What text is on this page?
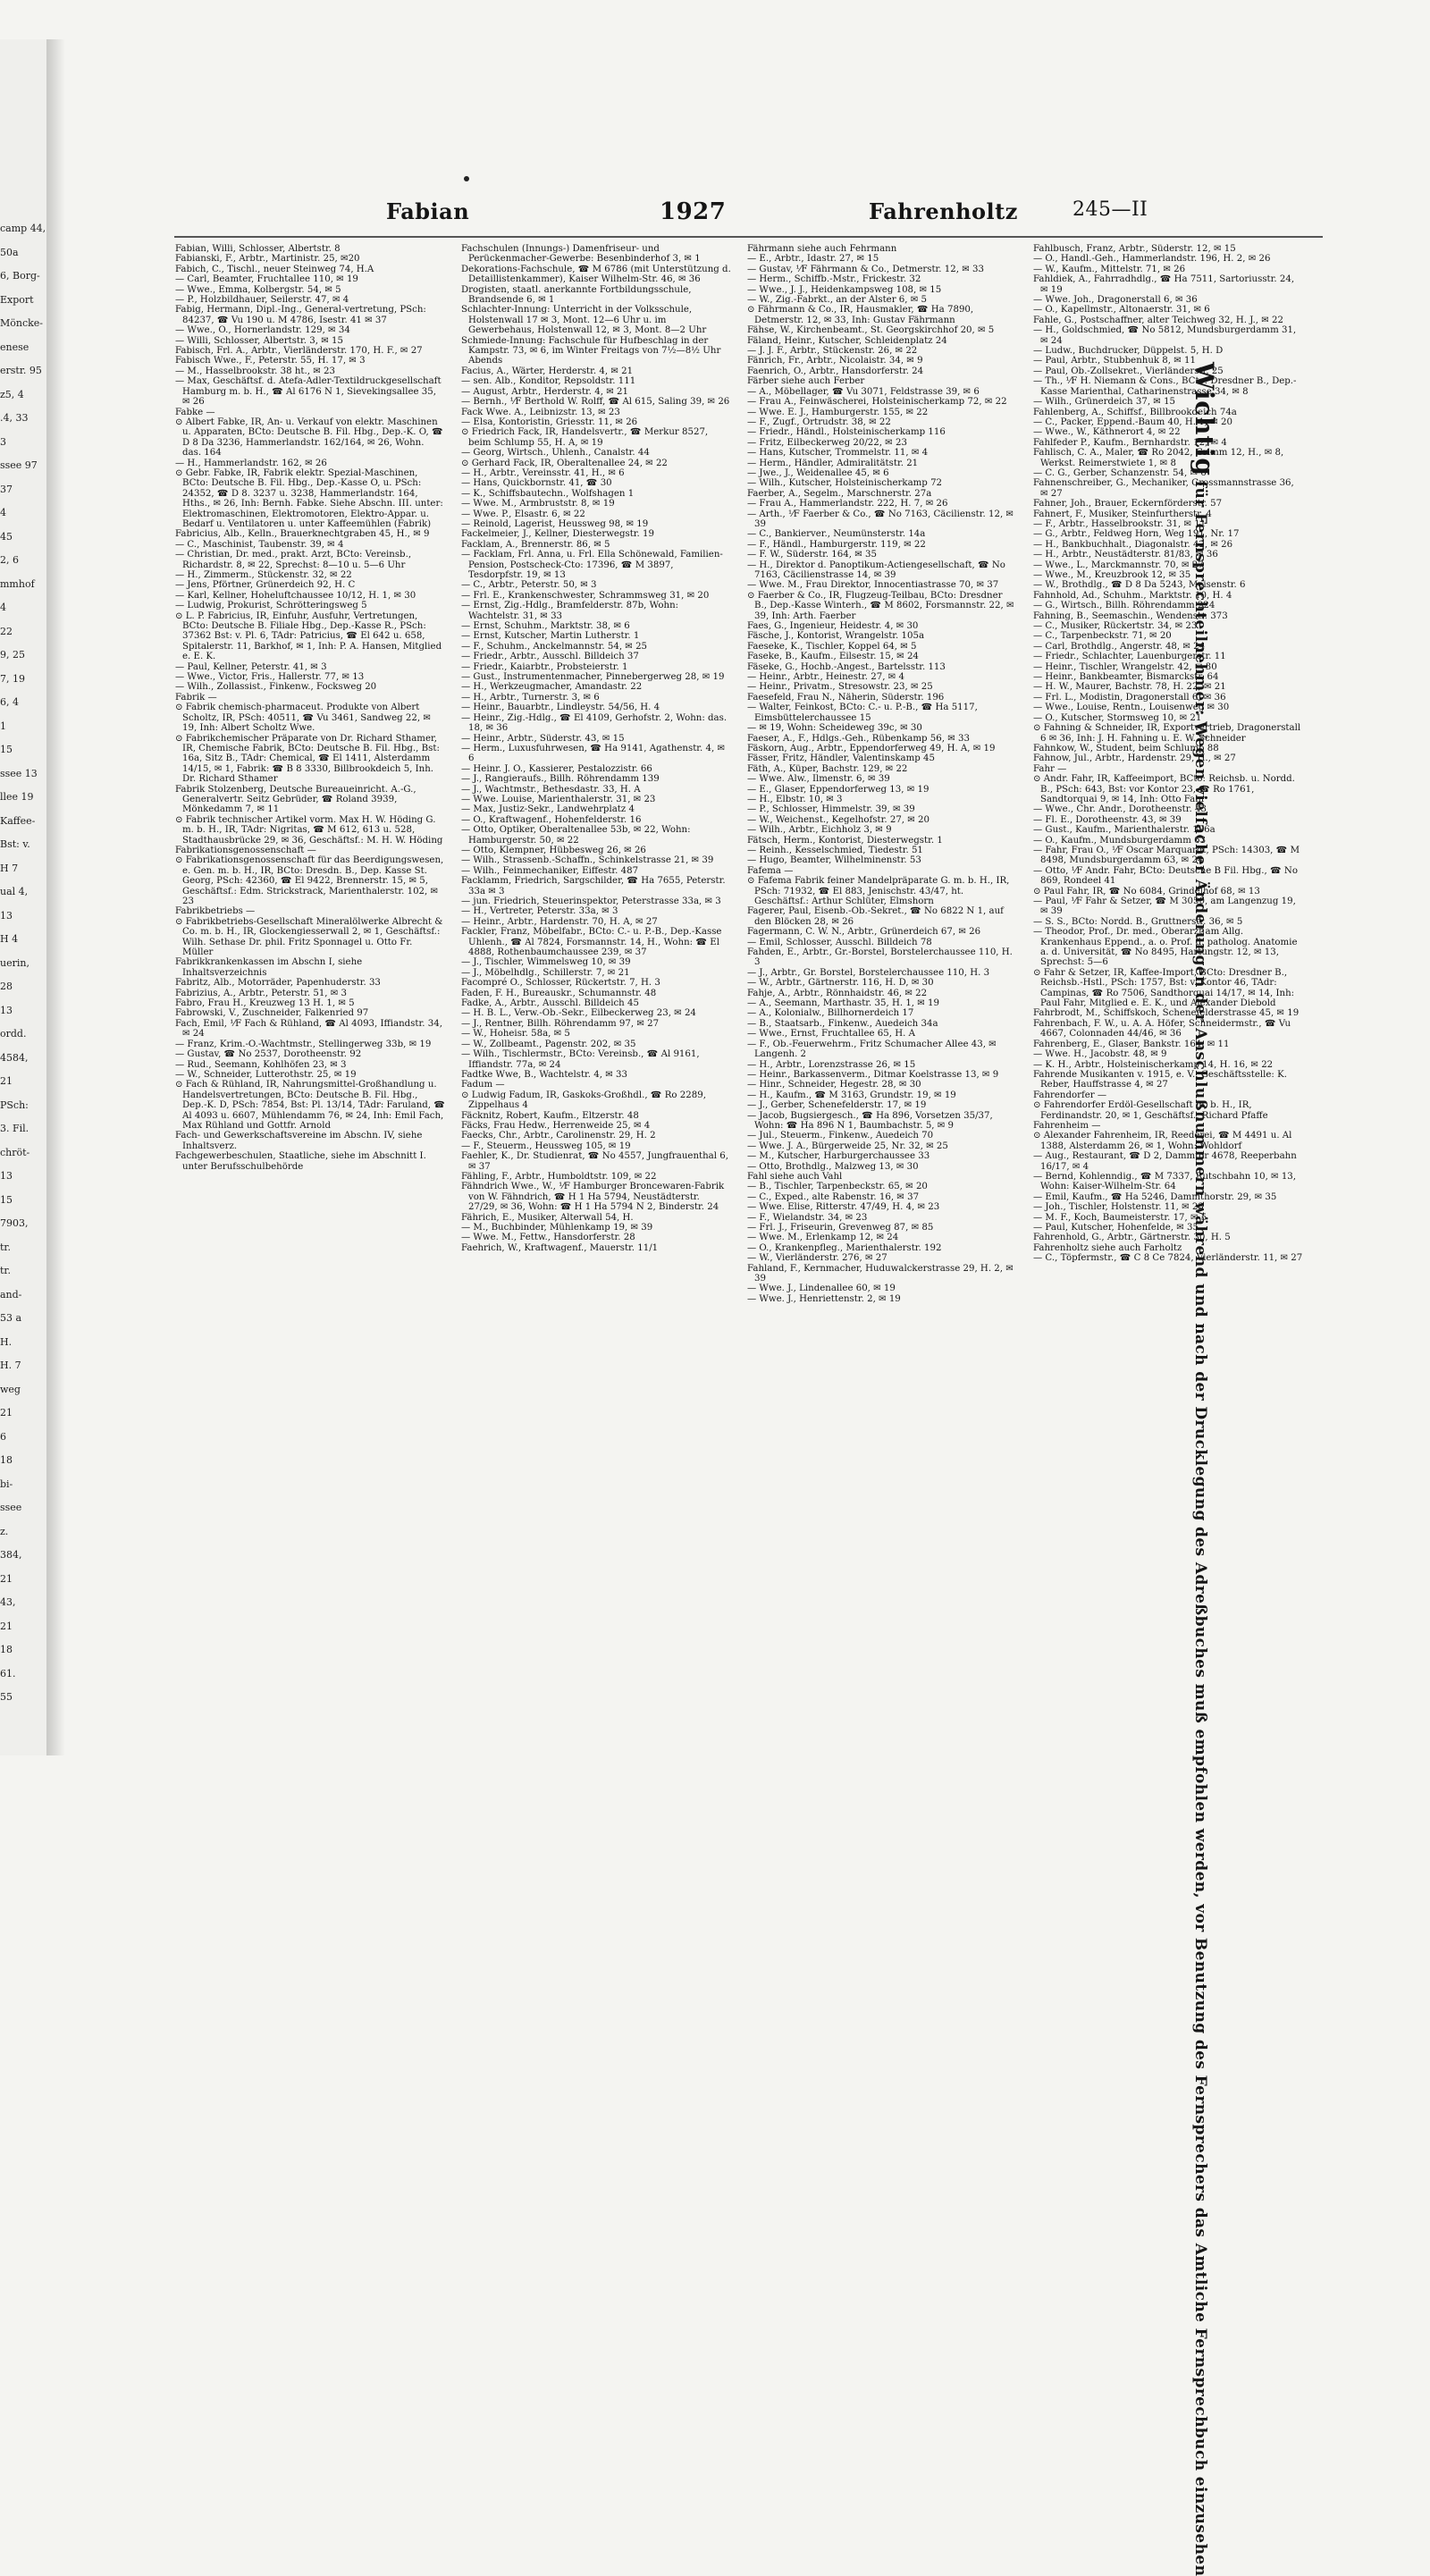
camp 44,
50a
6, Borg-
Export
Möncke-
enese
erstr. 95
z5, 4
.4, 33
3
ssee 97
37
4
45
2, 6
mmhof
4
22
9, 25
7, 19
6, 4
1
15
ssee 13
llee 19
Kaffee-
Bst: v.
H 7
ual 4,
13
H 4
uerin,
28
13
ordd.
4584,
21
PSch:
3. Fil.
chröt-
13
15
7903,
tr.
tr.
and-
53 a
H.
H. 7
weg
21
6
18
bi-
ssee
z.
384,
21
43,
21
18
61.
55
Fabian	1927	Fahrenholtz	245—II

Fabian, Willi, Schlosser, Albertstr. 8

Fabianski, F., Arbtr., Martinistr. 25, ✉20

Fabich, C., Tischl., neuer Steinweg 74, H.A

— Carl, Beamter, Fruchtallee 110, ✉ 19

— Wwe., Emma, Kolbergstr. 54, ✉ 5

— P., Holzbildhauer, Seilerstr. 47, ✉ 4

Fabig, Hermann, Dipl.-Ing., General-vertretung, PSch: 84237, ☎ Vu 190 u. M 4786, Isestr. 41 ✉ 37

— Wwe., O., Hornerlandstr. 129, ✉ 34

— Willi, Schlosser, Albertstr. 3, ✉ 15

Fabisch, Frl. A., Arbtr., Vierländerstr. 170, H. F., ✉ 27

Fabisch Wwe., F., Peterstr. 55, H. 17, ✉ 3

— M., Hasselbrookstr. 38 ht., ✉ 23

— Max, Geschäftsf. d. Atefa-Adler-Textildruckgesellschaft Hamburg m. b. H., ☎ Al 6176 N 1, Sievekingsallee 35, ✉ 26

Fabke —

⊙ Albert Fabke, IR, An- u. Verkauf von elektr. Maschinen u. Apparaten, BCto: Deutsche B. Fil. Hbg., Dep.-K. O, ☎ D 8 Da 3236, Hammerlandstr. 162/164, ✉ 26, Wohn. das. 164

— H., Hammerlandstr. 162, ✉ 26

⊙ Gebr. Fabke, IR, Fabrik elektr. Spezial-Maschinen, BCto: Deutsche B. Fil. Hbg., Dep.-Kasse O, u. PSch: 24352, ☎ D 8. 3237 u. 3238, Hammerlandstr. 164, Hths., ✉ 26, Inh: Bernh. Fabke. Siehe Abschn. III. unter: Elektromaschinen, Elektromotoren, Elektro-Appar. u. Bedarf u. Ventilatoren u. unter Kaffeemühlen (Fabrik)

Fabricius, Alb., Kelln., Brauerknechtgraben 45, H., ✉ 9

— C., Maschinist, Taubenstr. 39, ✉ 4

— Christian, Dr. med., prakt. Arzt, BCto: Vereinsb., Richardstr. 8, ✉ 22, Sprechst: 8—10 u. 5—6 Uhr

— H., Zimmerm., Stückenstr. 32, ✉ 22

— Jens, Pförtner, Grünerdeich 92, H. C

— Karl, Kellner, Hoheluftchaussee 10/12, H. 1, ✉ 30

— Ludwig, Prokurist, Schrötteringsweg 5

⊙ L. P. Fabricius, IR, Einfuhr, Ausfuhr, Vertretungen, BCto: Deutsche B. Filiale Hbg., Dep.-Kasse R., PSch: 37362 Bst: v. Pl. 6, TAdr: Patricius, ☎ El 642 u. 658, Spitalerstr. 11, Barkhof, ✉ 1, Inh: P. A. Hansen, Mitglied e. E. K.

— Paul, Kellner, Peterstr. 41, ✉ 3

— Wwe., Victor, Fris., Hallerstr. 77, ✉ 13

— Wilh., Zollassist., Finkenw., Focksweg 20

Fabrik —

⊙ Fabrik chemisch-pharmaceut. Produkte von Albert Scholtz, IR, PSch: 40511, ☎ Vu 3461, Sandweg 22, ✉ 19, Inh: Albert Scholtz Wwe.

⊙ Fabrikchemischer Präparate von Dr. Richard Sthamer, IR, Chemische Fabrik, BCto: Deutsche B. Fil. Hbg., Bst: 16a, Sitz B., TAdr: Chemical, ☎ El 1411, Alsterdamm 14/15, ✉ 1, Fabrik: ☎ B 8 3330, Billbrookdeich 5, Inh. Dr. Richard Sthamer

Fabrik Stolzenberg, Deutsche Bureaueinricht. A.-G., Generalvertr. Seitz Gebrüder, ☎ Roland 3939, Mönkedamm 7, ✉ 11

⊙ Fabrik technischer Artikel vorm. Max H. W. Höding G. m. b. H., IR, TAdr: Nigritas, ☎ M 612, 613 u. 528, Stadthausbrücke 29, ✉ 36, Geschäftsf.: M. H. W. Höding

Fabrikationsgenossenschaft —

⊙ Fabrikationsgenossenschaft für das Beerdigungswesen, e. Gen. m. b. H., IR, BCto: Dresdn. B., Dep. Kasse St. Georg, PSch: 42360, ☎ El 9422, Brennerstr. 15, ✉ 5, Geschäftsf.: Edm. Strickstrack, Marienthalerstr. 102, ✉ 23

Fabrikbetriebs —

⊙ Fabrikbetriebs-Gesellschaft Mineralölwerke Albrecht & Co. m. b. H., IR, Glockengiesserwall 2, ✉ 1, Geschäftsf.: Wilh. Sethase Dr. phil. Fritz Sponnagel u. Otto Fr. Müller

Fabrikkrankenkassen im Abschn I, siehe Inhaltsverzeichnis

Fabritz, Alb., Motorräder, Papenhuderstr. 33

Fabrizius, A., Arbtr., Peterstr. 51, ✉ 3

Fabro, Frau H., Kreuzweg 13 H. 1, ✉ 5

Fabrowski, V., Zuschneider, Falkenried 97

Fach, Emil, ⅟F Fach & Rühland, ☎ Al 4093, Iffiandstr. 34, ✉ 24

— Franz, Krim.-O.-Wachtmstr., Stellingerweg 33b, ✉ 19

— Gustav, ☎ No 2537, Dorotheenstr. 92

— Rud., Seemann, Kohlhöfen 23, ✉ 3

— W., Schneider, Lutterothstr. 25, ✉ 19

⊙ Fach & Rühland, IR, Nahrungsmittel-Großhandlung u. Handelsvertretungen, BCto: Deutsche B. Fil. Hbg., Dep.-K. D, PSch: 7854, Bst: Pl. 13/14, TAdr: Faruland, ☎ Al 4093 u. 6607, Mühlendamm 76, ✉ 24, Inh: Emil Fach, Max Rühland und Gottfr. Arnold

Fach- und Gewerkschaftsvereine im Abschn. IV, siehe Inhaltsverz.

Fachgewerbeschulen, Staatliche, siehe im Abschnitt I. unter Berufsschulbehörde

Fachschulen (Innungs-) Damenfriseur- und Perückenmacher-Gewerbe: Besenbinderhof 3, ✉ 1

Dekorations-Fachschule, ☎ M 6786 (mit Unterstützung d. Detaillistenkammer), Kaiser Wilhelm-Str. 46, ✉ 36

Drogisten, staatl. anerkannte Fortbildungsschule, Brandsende 6, ✉ 1

Schlachter-Innung: Unterricht in der Volksschule, Holstenwall 17 ✉ 3, Mont. 12—6 Uhr u. im Gewerbehaus, Holstenwall 12, ✉ 3, Mont. 8—2 Uhr

Schmiede-Innung: Fachschule für Hufbeschlag in der Kampstr. 73, ✉ 6, im Winter Freitags von 7½—8½ Uhr Abends

Facius, A., Wärter, Herderstr. 4, ✉ 21

— sen. Alb., Konditor, Repsoldstr. 111

— August, Arbtr., Herderstr. 4, ✉ 21

— Bernh., ⅟F Berthold W. Rolff, ☎ Al 615, Saling 39, ✉ 26

Fack Wwe. A., Leibnizstr. 13, ✉ 23

— Elsa, Kontoristin, Griesstr. 11, ✉ 26

⊙ Friedrich Fack, IR, Handelsvertr., ☎ Merkur 8527, beim Schlump 55, H. A, ✉ 19

— Georg, Wirtsch., Uhlenh., Canalstr. 44

⊙ Gerhard Fack, IR, Oberaltenallee 24, ✉ 22

— H., Arbtr., Vereinsstr. 41, H., ✉ 6

— Hans, Quickbornstr. 41, ☎ 30

— K., Schiffsbautechn., Wolfshagen 1

— Wwe. M., Armbruststr. 8, ✉ 19

— Wwe. P., Elsastr. 6, ✉ 22

— Reinold, Lagerist, Heussweg 98, ✉ 19

Fackelmeier, J., Kellner, Diesterwegstr. 19

Facklam, A., Brennerstr. 86, ✉ 5

— Facklam, Frl. Anna, u. Frl. Ella Schönewald, Familien-Pension, Postscheck-Cto: 17396, ☎ M 3897, Tesdorpfstr. 19, ✉ 13

— C., Arbtr., Peterstr. 50, ✉ 3

— Frl. E., Krankenschwester, Schrammsweg 31, ✉ 20

— Ernst, Zig.-Hdlg., Bramfelderstr. 87b, Wohn: Wachtelstr. 31, ✉ 33

— Ernst, Schuhm., Marktstr. 38, ✉ 6

— Ernst, Kutscher, Martin Lutherstr. 1

— F., Schuhm., Anckelmannstr. 54, ✉ 25

— Friedr., Arbtr., Ausschl. Billdeich 37

— Friedr., Kaiarbtr., Probsteierstr. 1

— Gust., Instrumentenmacher, Pinnebergerweg 28, ✉ 19

— H., Werkzeugmacher, Amandastr. 22

— H., Arbtr., Turnerstr. 3, ✉ 6

— Heinr., Bauarbtr., Lindleystr. 54/56, H. 4

— Heinr., Zig.-Hdlg., ☎ El 4109, Gerhofstr. 2, Wohn: das. 18, ✉ 36

— Heinr., Arbtr., Süderstr. 43, ✉ 15

— Herm., Luxusfuhrwesen, ☎ Ha 9141, Agathenstr. 4, ✉ 6

— Heinr. J. O., Kassierer, Pestalozzistr. 66

— J., Rangieraufs., Billh. Röhrendamm 139

— J., Wachtmstr., Bethesdastr. 33, H. A

— Wwe. Louise, Marienthalerstr. 31, ✉ 23

— Max, Justiz-Sekr., Landwehrplatz 4

— O., Kraftwagenf., Hohenfelderstr. 16

— Otto, Optiker, Oberaltenallee 53b, ✉ 22, Wohn: Hamburgerstr. 50, ✉ 22

— Otto, Klempner, Hübbesweg 26, ✉ 26

— Wilh., Strassenb.-Schaffn., Schinkelstrasse 21, ✉ 39

— Wilh., Feinmechaniker, Eiffestr. 487

Facklamm, Friedrich, Sargschilder, ☎ Ha 7655, Peterstr. 33a ✉ 3

— jun. Friedrich, Steuerinspektor, Peterstrasse 33a, ✉ 3

— H., Vertreter, Peterstr. 33a, ✉ 3

— Heinr., Arbtr., Hardenstr. 70, H. A, ✉ 27

Fackler, Franz, Möbelfabr., BCto: C.- u. P.-B., Dep.-Kasse Uhlenh., ☎ Al 7824, Forsmannstr. 14, H., Wohn: ☎ El 4888, Rothenbaumchaussee 239, ✉ 37

— J., Tischler, Wimmelsweg 10, ✉ 39

— J., Möbelhdlg., Schillerstr. 7, ✉ 21

Facompré O., Schlosser, Rückertstr. 7, H. 3

Faden, F. H., Bureauskr., Schumannstr. 48

Fadke, A., Arbtr., Ausschl. Billdeich 45

— H. B. L., Verw.-Ob.-Sekr., Eilbeckerweg 23, ✉ 24

— J., Rentner, Billh. Röhrendamm 97, ✉ 27

— W., Hoheisr. 58a, ✉ 5

— W., Zollbeamt., Pagenstr. 202, ✉ 35

— Wilh., Tischlermstr., BCto: Vereinsb., ☎ Al 9161, Iffiandstr. 77a, ✉ 24

Fadtke Wwe, B., Wachtelstr. 4, ✉ 33

Fadum —

⊙ Ludwig Fadum, IR, Gaskoks-Großhdl., ☎ Ro 2289, Zippelhaus 4

Fäcknitz, Robert, Kaufm., Eltzerstr. 48

Fäcks, Frau Hedw., Herrenweide 25, ✉ 4

Faecks, Chr., Arbtr., Carolinenstr. 29, H. 2

— F., Steuerm., Heussweg 105, ✉ 19

Faehler, K., Dr. Studienrat, ☎ No 4557, Jungfrauenthal 6, ✉ 37

Fähling, F., Arbtr., Humboldtstr. 109, ✉ 22

Fähndrich Wwe., W., ⅟F Hamburger Broncewaren-Fabrik von W. Fähndrich, ☎ H 1 Ha 5794, Neustädterstr. 27/29, ✉ 36, Wohn: ☎ H 1 Ha 5794 N 2, Binderstr. 24

Fährich, E., Musiker, Alterwall 54, H.

— M., Buchbinder, Mühlenkamp 19, ✉ 39

— Wwe. M., Fettw., Hansdorferstr. 28

Faehrich, W., Kraftwagenf., Mauerstr. 11/1

Fährmann siehe auch Fehrmann

— E., Arbtr., Idastr. 27, ✉ 15

— Gustav, ⅟F Fährmann & Co., Detmerstr. 12, ✉ 33

— Herm., Schiffb.-Mstr., Frickestr. 32

— Wwe., J. J., Heidenkampsweg 108, ✉ 15

— W., Zig.-Fabrkt., an der Alster 6, ✉ 5

⊙ Fährmann & Co., IR, Hausmakler, ☎ Ha 7890, Detmerstr. 12, ✉ 33, Inh: Gustav Fährmann

Fähse, W., Kirchenbeamt., St. Georgskirchhof 20, ✉ 5

Fäland, Heinr., Kutscher, Schleidenplatz 24

— J. J. F., Arbtr., Stückenstr. 26, ✉ 22

Fänrich, Fr., Arbtr., Nicolaistr. 34, ✉ 9

Faenrich, O., Arbtr., Hansdorferstr. 24

Färber siehe auch Ferber

— A., Möbellager, ☎ Vu 3071, Feldstrasse 39, ✉ 6

— Frau A., Feinwäscherei, Holsteinischerkamp 72, ✉ 22

— Wwe. E. J., Hamburgerstr. 155, ✉ 22

— F., Zugf., Ortrudstr. 38, ✉ 22

— Friedr., Händl., Holsteinischerkamp 116

— Fritz, Eilbeckerweg 20/22, ✉ 23

— Hans, Kutscher, Trommelstr. 11, ✉ 4

— Herm., Händler, Admiralitätstr. 21

— Jwe., J., Weidenallee 45, ✉ 6

— Wilh., Kutscher, Holsteinischerkamp 72

Faerber, A., Segelm., Marschnerstr. 27a

— Frau A., Hammerlandstr. 222, H. 7, ✉ 26

— Arth., ⅟F Faerber & Co., ☎ No 7163, Cäcilienstr. 12, ✉ 39

— C., Bankierver., Neumünsterstr. 14a

— F., Händl., Hamburgerstr. 119, ✉ 22

— F. W., Süderstr. 164, ✉ 35

— H., Direktor d. Panoptikum-Actiengesellschaft, ☎ No 7163, Cäcilienstrasse 14, ✉ 39

— Wwe. M., Frau Direktor, Innocentiastrasse 70, ✉ 37

⊙ Faerber & Co., IR, Flugzeug-Teilbau, BCto: Dresdner B., Dep.-Kasse Winterh., ☎ M 8602, Forsmannstr. 22, ✉ 39, Inh: Arth. Faerber

Faes, G., Ingenieur, Heidestr. 4, ✉ 30

Fäsche, J., Kontorist, Wrangelstr. 105a

Faeseke, K., Tischler, Koppel 64, ✉ 5

Faseke, B., Kaufm., Eilsestr. 15, ✉ 24

Fäseke, G., Hochb.-Angest., Bartelsstr. 113

— Heinr., Arbtr., Heinestr. 27, ✉ 4

— Heinr., Privatm., Stresowstr. 23, ✉ 25

Faesefeld, Frau N., Näherin, Süderstr. 196

— Walter, Feinkost, BCto: C.- u. P.-B., ☎ Ha 5117, Eimsbüttelerchaussee 15

— ✉ 19, Wohn: Scheideweg 39c, ✉ 30

Faeser, A., F., Hdlgs.-Geh., Rübenkamp 56, ✉ 33

Fäskorn, Aug., Arbtr., Eppendorferweg 49, H. A, ✉ 19

Fässer, Fritz, Händler, Valentinskamp 45

Fäth, A., Küper, Bachstr. 129, ✉ 22

— Wwe. Alw., Ilmenstr. 6, ✉ 39

— E., Glaser, Eppendorferweg 13, ✉ 19

— H., Elbstr. 10, ✉ 3

— P., Schlosser, Himmelstr. 39, ✉ 39

— W., Weichenst., Kegelhofstr. 27, ✉ 20

— Wilh., Arbtr., Eichholz 3, ✉ 9

Fätsch, Herm., Kontorist, Diesterwegstr. 1

— Reinh., Kesselschmied, Tiedestr. 51

— Hugo, Beamter, Wilhelminenstr. 53

Fafema —

⊙ Fafema Fabrik feiner Mandelpräparate G. m. b. H., IR, PSch: 71932, ☎ El 883, Jenischstr. 43/47, ht. Geschäftsf.: Arthur Schlüter, Elmshorn

Fagerer, Paul, Eisenb.-Ob.-Sekret., ☎ No 6822 N 1, auf den Blöcken 28, ✉ 26

Fagermann, C. W. N., Arbtr., Grünerdeich 67, ✉ 26

— Emil, Schlosser, Ausschl. Billdeich 78

Fahden, E., Arbtr., Gr.-Borstel, Borstelerchaussee 110, H. 3

— J., Arbtr., Gr. Borstel, Borstelerchaussee 110, H. 3

— W., Arbtr., Gärtnerstr. 116, H. D, ✉ 30

Fahje, A., Arbtr., Rönnhaidstr. 46, ✉ 22

— A., Seemann, Marthastr. 35, H. 1, ✉ 19

— A., Kolonialw., Billhornerdeich 17

— B., Staatsarb., Finkenw., Auedeich 34a

— Wwe., Ernst, Fruchtallee 65, H. A

— F., Ob.-Feuerwehrm., Fritz Schumacher Allee 43, ✉ Langenh. 2

— H., Arbtr., Lorenzstrasse 26, ✉ 15

— Heinr., Barkassenverm., Ditmar Koelstrasse 13, ✉ 9

— Hinr., Schneider, Hegestr. 28, ✉ 30

— H., Kaufm., ☎ M 3163, Grundstr. 19, ✉ 19

— J., Gerber, Schenefelderstr. 17, ✉ 19

— Jacob, Bugsiergesch., ☎ Ha 896, Vorsetzen 35/37, Wohn: ☎ Ha 896 N 1, Baumbachstr. 5, ✉ 9

— Jul., Steuerm., Finkenw., Auedeich 70

— Wwe. J. A., Bürgerweide 25, Nr. 32, ✉ 25

— M., Kutscher, Harburgerchaussee 33

— Otto, Brothdlg., Malzweg 13, ✉ 30

Fahl siehe auch Vahl

— B., Tischler, Tarpenbeckstr. 65, ✉ 20

— C., Exped., alte Rabenstr. 16, ✉ 37

— Wwe. Elise, Ritterstr. 47/49, H. 4, ✉ 23

— F., Wielandstr. 34, ✉ 23

— Frl. J., Friseurin, Grevenweg 87, ✉ 85

— Wwe. M., Erlenkamp 12, ✉ 24

— O., Krankenpfleg., Marienthalerstr. 192

— W., Vierländerstr. 276, ✉ 27

Fahland, F., Kernmacher, Huduwalckerstrasse 29, H. 2, ✉ 39

— Wwe. J., Lindenallee 60, ✉ 19

— Wwe. J., Henriettenstr. 2, ✉ 19

Fahlbusch, Franz, Arbtr., Süderstr. 12, ✉ 15

— O., Handl.-Geh., Hammerlandstr. 196, H. 2, ✉ 26

— W., Kaufm., Mittelstr. 71, ✉ 26

Fahldiek, A., Fahrradhdlg., ☎ Ha 7511, Sartoriusstr. 24, ✉ 19

— Wwe. Joh., Dragonerstall 6, ✉ 36

— O., Kapellmstr., Altonaerstr. 31, ✉ 6

Fahle, G., Postschaffner, alter Teichweg 32, H. J., ✉ 22

— H., Goldschmied, ☎ No 5812, Mundsburgerdamm 31, ✉ 24

— Ludw., Buchdrucker, Düppelst. 5, H. D

— Paul, Arbtr., Stubbenhuk 8, ✉ 11

— Paul, Ob.-Zollsekret., Vierländerstr. 25

— Th., ⅟F H. Niemann & Cons., BCto: Dresdner B., Dep.-Kasse Marienthal, Catharinenstrasse 34, ✉ 8

— Wilh., Grünerdeich 37, ✉ 15

Fahlenberg, A., Schiffsf., Billbrookdeich 74a

— C., Packer, Eppend.-Baum 40, H. 1, ✉ 20

— Wwe., W., Käthnerort 4, ✉ 22

Fahlfeder P., Kaufm., Bernhardstr. 12, ✉ 4

Fahlisch, C. A., Maler, ☎ Ro 2042, Grimm 12, H., ✉ 8, Werkst. Reimerstwiete 1, ✉ 8

— C. G., Gerber, Schanzenstr. 54, ✉ 6

Fahnenschreiber, G., Mechaniker, Grossmannstrasse 36, ✉ 27

Fahner, Joh., Brauer, Eckernförderstr. 57

Fahnert, F., Musiker, Steinfurtherstr. 4

— F., Arbtr., Hasselbrookstr. 31, ✉ 11

— G., Arbtr., Feldweg Horn, Weg 191, Nr. 17

— H., Bankbuchhalt., Diagonalstr. 42, ✉ 26

— H., Arbtr., Neustädterstr. 81/83, ✉ 36

— Wwe., L., Marckmannstr. 70, ✉ 27

— Wwe., M., Kreuzbrook 12, ✉ 35

— W., Brothdlg., ☎ D 8 Da 5243, Meisenstr. 6

Fahnhold, Ad., Schuhm., Marktstr. 10, H. 4

— G., Wirtsch., Billh. Röhrendamm 224

Fahning, B., Seemaschin., Wendenstr. 373

— C., Musiker, Rückertstr. 34, ✉ 23

— C., Tarpenbeckstr. 71, ✉ 20

— Carl, Brothdlg., Angerstr. 48, ✉ 24

— Friedr., Schlachter, Lauenburgerstr. 11

— Heinr., Tischler, Wrangelstr. 42, ✉ 30

— Heinr., Bankbeamter, Bismarckstr. 64

— H. W., Maurer, Bachstr. 78, H. 22, ✉ 21

— Frl. L., Modistin, Dragonerstall 6, ✉ 36

— Wwe., Louise, Rentn., Louisenweg ✉ 30

— O., Kutscher, Stormsweg 10, ✉ 21

⊙ Fahning & Schneider, IR, Exportvertrieb, Dragonerstall 6 ✉ 36, Inh: J. H. Fahning u. E. W. Schneider

Fahnkow, W., Student, beim Schlump 88

Fahnow, Jul., Arbtr., Hardenstr. 29, H., ✉ 27

Fahr —

⊙ Andr. Fahr, IR, Kaffeeimport, BCto: Reichsb. u. Nordd. B., PSch: 643, Bst: vor Kontor 23, ☎ Ro 1761, Sandtorquai 9, ✉ 14, Inh: Otto Fahr

— Wwe., Chr. Andr., Dorotheenstr. 43

— Fl. E., Dorotheenstr. 43, ✉ 39

— Gust., Kaufm., Marienthalerstr. 196a

— O., Kaufm., Mundsburgerdamm 63

— Fahr, Frau O., ⅟F Oscar Marquardt, PSch: 14303, ☎ M 8498, Mundsburgerdamm 63, ✉ 24

— Otto, ⅟F Andr. Fahr, BCto: Deutsche B Fil. Hbg., ☎ No 869, Rondeel 41

⊙ Paul Fahr, IR, ☎ No 6084, Grindelhof 68, ✉ 13

— Paul, ⅟F Fahr & Setzer, ☎ M 3050, am Langenzug 19, ✉ 39

— S. S., BCto: Nordd. B., Gruttnerstr. 36, ✉ 5

— Theodor, Prof., Dr. med., Oberarzt am Allg. Krankenhaus Eppend., a. o. Prof. d. patholog. Anatomie a. d. Universität, ☎ No 8495, Hartungstr. 12, ✉ 13, Sprechst: 5—6

⊙ Fahr & Setzer, IR, Kaffee-Import, BCto: Dresdner B., Reichsb.-Hstl., PSch: 1757, Bst: v. Kontor 46, TAdr: Campinas, ☎ Ro 7506, Sandthorquai 14/17, ✉ 14, Inh: Paul Fahr, Mitglied e. E. K., und Alexander Diebold

Fahrbrodt, M., Schiffskoch, Schenefelderstrasse 45, ✉ 19

Fahrenbach, F. W., u. A. A. Höfer, Schneidermstr., ☎ Vu 4667, Colonnaden 44/46, ✉ 36

Fahrenberg, E., Glaser, Bankstr. 164, ✉ 11

— Wwe. H., Jacobstr. 48, ✉ 9

— K. H., Arbtr., Holsteinischerkamp 14, H. 16, ✉ 22

Fahrende Musikanten v. 1915, e. V., Geschäftsstelle: K. Reber, Hauffstrasse 4, ✉ 27

Fahrendorfer —

⊙ Fahrendorfer Erdöl-Gesellschaft m. b. H., IR, Ferdinandstr. 20, ✉ 1, Geschäftsf.: Richard Pfaffe

Fahrenheim —

⊙ Alexander Fahrenheim, IR, Reederei, ☎ M 4491 u. Al 1388, Alsterdamm 26, ✉ 1, Wohn: Wohldorf

— Aug., Restaurant, ☎ D 2, Dammtor 4678, Reeperbahn 16/17, ✉ 4

— Bernd, Kohlenndig., ☎ M 7337, Rutschbahn 10, ✉ 13, Wohn: Kaiser-Wilhelm-Str. 64

— Emil, Kaufm., ☎ Ha 5246, Dammthorstr. 29, ✉ 35

— Joh., Tischler, Holstenstr. 11, ✉ 23

— M. F., Koch, Baumeisterstr. 17, ✉ 5

— Paul, Kutscher, Hohenfelde, ✉ 35

Fahrenhold, G., Arbtr., Gärtnerstr. 30, H. 5

Fahrenholtz siehe auch Farholtz

— C., Töpfermstr., ☎ C 8 Ce 7824, Vierländerstr. 11, ✉ 27

Wichtig für Fernsprechteilnehmer: Wegen vielfacher Änderungen der Anschlußnummern während und nach der Drucklegung des Adreßbuches muß empfohlen werden, vor Benutzung des Fernsprechers das Amtliche Fernsprechbuch einzusehen
